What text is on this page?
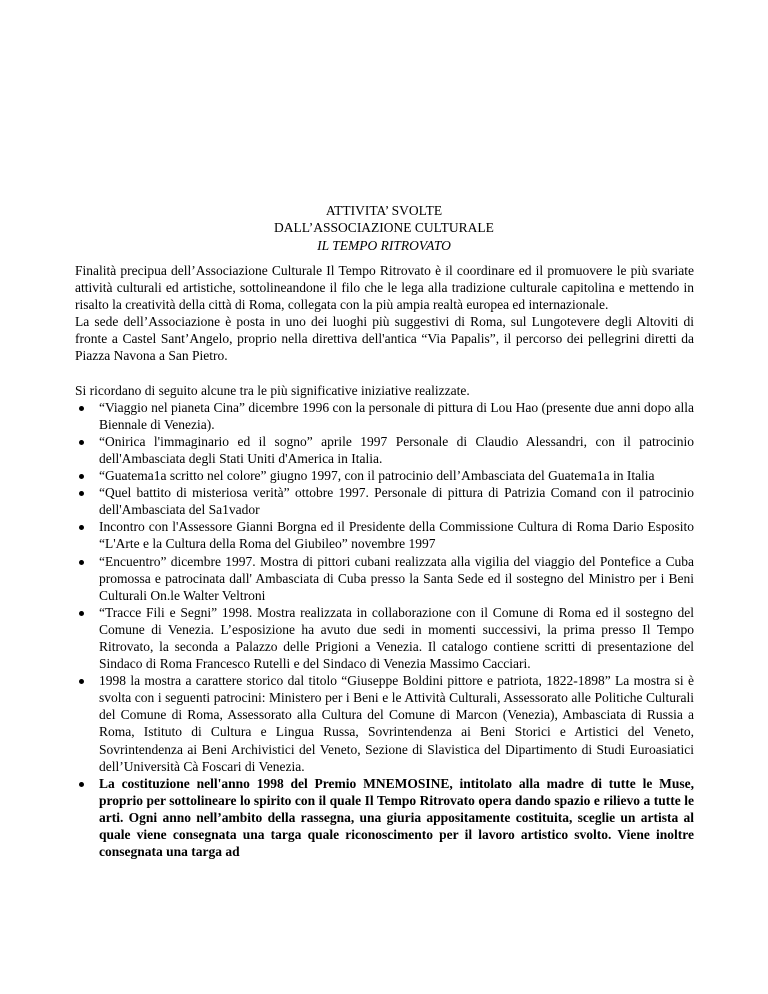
ATTIVITA’ SVOLTE
DALL’ASSOCIAZIONE CULTURALE
IL TEMPO RITROVATO

Finalità precipua dell’Associazione Culturale Il Tempo Ritrovato è il coordinare ed il promuovere le più svariate attività culturali ed artistiche, sottolineandone il filo che le lega alla tradizione culturale capitolina e mettendo in risalto la creatività della città di Roma, collegata con la più ampia realtà europea ed internazionale.

La sede dell’Associazione è posta in uno dei luoghi più suggestivi di Roma, sul Lungotevere degli Altoviti di fronte a Castel Sant’Angelo, proprio nella direttiva dell'antica “Via Papalis”, il percorso dei pellegrini diretti da Piazza Navona a San Pietro.

Si ricordano di seguito alcune tra le più significative iniziative realizzate.

“Viaggio nel pianeta Cina” dicembre 1996 con la personale di pittura di Lou Hao (presente due anni dopo alla Biennale di Venezia).
“Onirica l'immaginario ed il sogno” aprile 1997 Personale di Claudio Alessandri, con il patrocinio dell'Ambasciata degli Stati Uniti d'America in Italia.
“Guatema1a scritto nel colore” giugno 1997, con il patrocinio dell’Ambasciata del Guatema1a in Italia
“Quel battito di misteriosa verità” ottobre 1997. Personale di pittura di Patrizia Comand con il patrocinio dell'Ambasciata del Sa1vador
Incontro con l'Assessore Gianni Borgna ed il Presidente della Commissione Cultura di Roma Dario Esposito “L'Arte e la Cultura della Roma del Giubileo” novembre 1997
“Encuentro” dicembre 1997. Mostra di pittori cubani realizzata alla vigilia del viaggio del Pontefice a Cuba promossa e patrocinata dall' Ambasciata di Cuba presso la Santa Sede ed il sostegno del Ministro per i Beni Culturali On.le Walter Veltroni
“Tracce Fili e Segni” 1998. Mostra realizzata in collaborazione con il Comune di Roma ed il sostegno del Comune di Venezia. L’esposizione ha avuto due sedi in momenti successivi, la prima presso Il Tempo Ritrovato, la seconda a Palazzo delle Prigioni a Venezia. Il catalogo contiene scritti di presentazione del Sindaco di Roma Francesco Rutelli e del Sindaco di Venezia Massimo Cacciari.
1998 la mostra a carattere storico dal titolo “Giuseppe Boldini pittore e patriota, 1822-1898” La mostra si è svolta con i seguenti patrocini: Ministero per i Beni e le Attività Culturali, Assessorato alle Politiche Culturali del Comune di Roma, Assessorato alla Cultura del Comune di Marcon (Venezia), Ambasciata di Russia a Roma, Istituto di Cultura e Lingua Russa, Sovrintendenza ai Beni Storici e Artistici del Veneto, Sovrintendenza ai Beni Archivistici del Veneto, Sezione di Slavistica del Dipartimento di Studi Euroasiatici dell’Università Cà Foscari di Venezia.
La costituzione nell'anno 1998 del Premio MNEMOSINE, intitolato alla madre di tutte le Muse, proprio per sottolineare lo spirito con il quale Il Tempo Ritrovato opera dando spazio e rilievo a tutte le arti. Ogni anno nell’ambito della rassegna, una giuria appositamente costituita, sceglie un artista al quale viene consegnata una targa quale riconoscimento per il lavoro artistico svolto. Viene inoltre consegnata una targa ad
